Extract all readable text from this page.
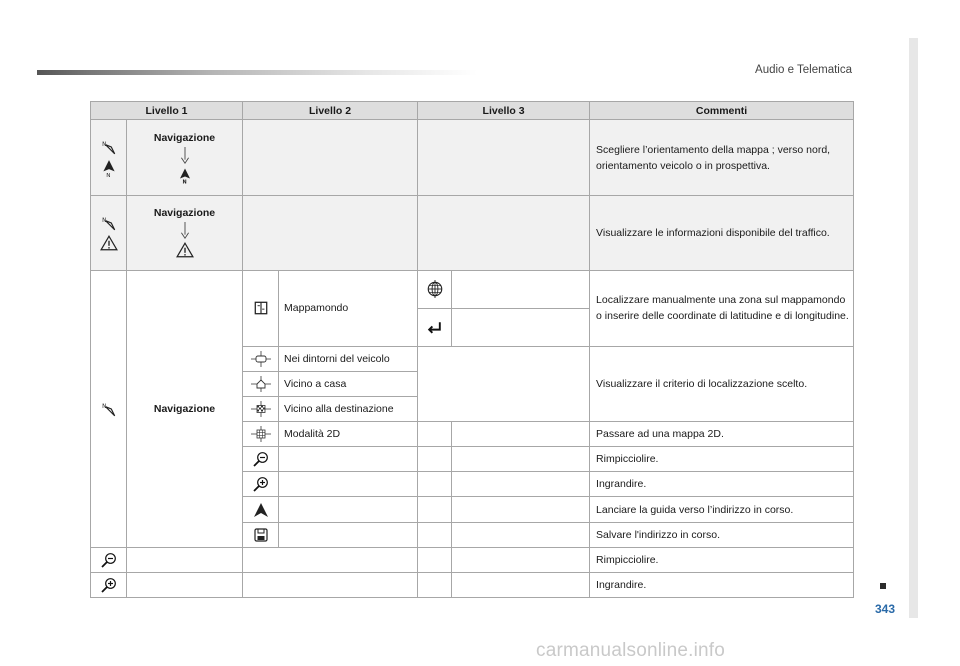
Audio e Telematica
343
Livello 1		Livello 2		Livello 3		Commenti

Navigazione					Scegliere l’orientamento della mappa ; verso nord, orientamento veicolo o in prospettiva.

Navigazione					Visualizzare le informazioni disponibile del traffico.

	Navigazione		Mappamondo			Localizzare manualmente una zona sul mappamondo o inserire delle coordinate di latitudine e di longitudine.

	Nei dintorni del veicolo			Visualizzare il criterio di localizzazione scelto.

	Vicino a casa			

	Vicino alla destinazione			

	Modalità 2D			Passare ad una mappa 2D.

				Rimpicciolire.

				Ingrandire.

				Lanciare la guida verso l’indirizzo in corso.

				Salvare l'indirizzo in corso.

					Rimpicciolire.

					Ingrandire.
carmanualsonline.info
